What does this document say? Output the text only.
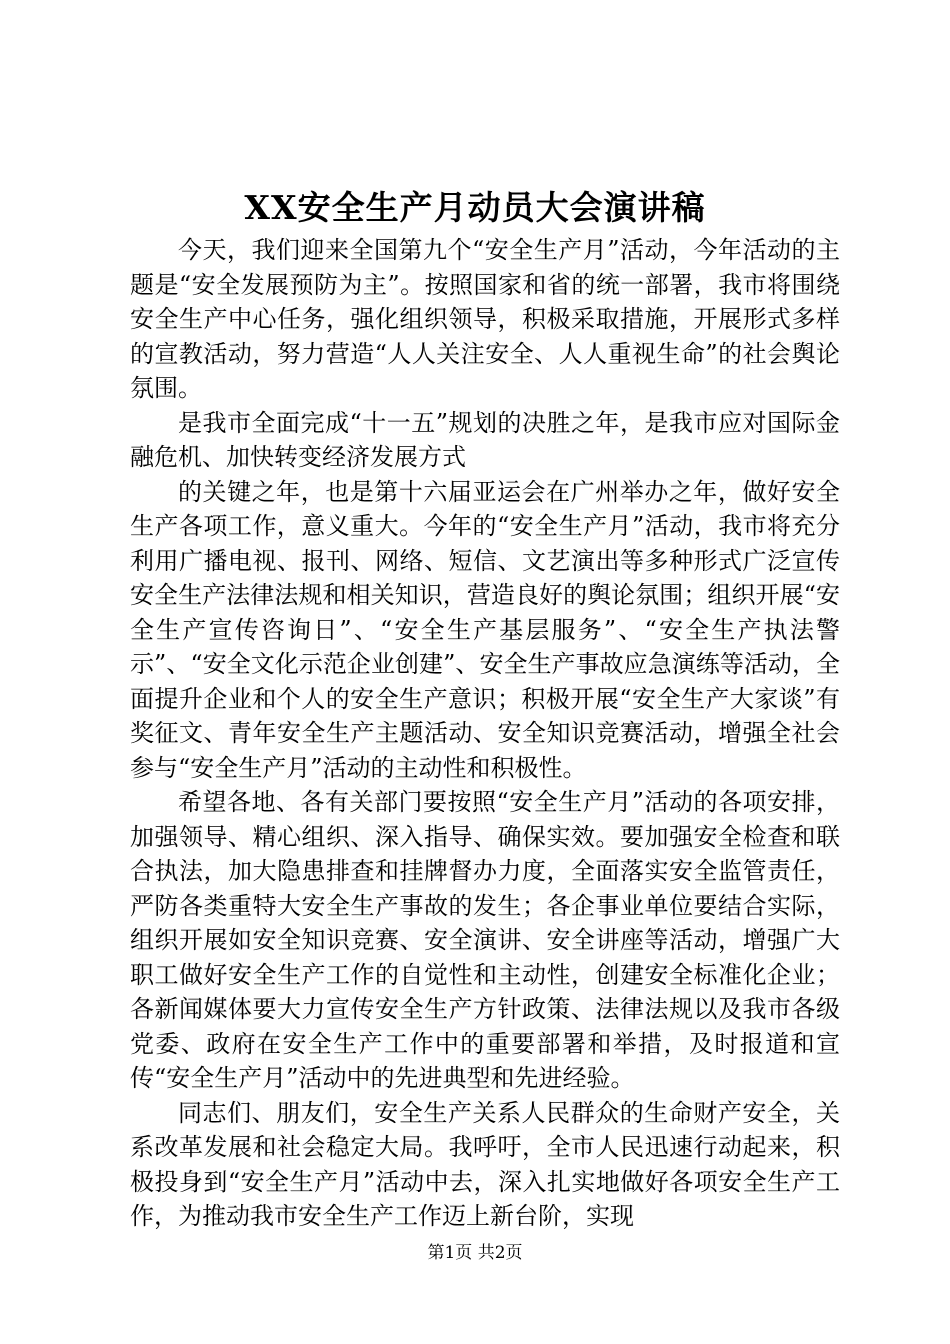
XX安全生产月动员大会演讲稿

今天，我们迎来全国第九个“安全生产月”活动，今年活动的主题是“安全发展预防为主”。按照国家和省的统一部署，我市将围绕安全生产中心任务，强化组织领导，积极采取措施，开展形式多样的宣教活动，努力营造“人人关注安全、人人重视生命”的社会舆论氛围。

是我市全面完成“十一五”规划的决胜之年，是我市应对国际金融危机、加快转变经济发展方式

的关键之年，也是第十六届亚运会在广州举办之年，做好安全生产各项工作，意义重大。今年的“安全生产月”活动，我市将充分利用广播电视、报刊、网络、短信、文艺演出等多种形式广泛宣传安全生产法律法规和相关知识，营造良好的舆论氛围；组织开展“安全生产宣传咨询日”、“安全生产基层服务”、“安全生产执法警示”、“安全文化示范企业创建”、安全生产事故应急演练等活动，全面提升企业和个人的安全生产意识；积极开展“安全生产大家谈”有奖征文、青年安全生产主题活动、安全知识竞赛活动，增强全社会参与“安全生产月”活动的主动性和积极性。

希望各地、各有关部门要按照“安全生产月”活动的各项安排，加强领导、精心组织、深入指导、确保实效。要加强安全检查和联合执法，加大隐患排查和挂牌督办力度，全面落实安全监管责任，严防各类重特大安全生产事故的发生；各企事业单位要结合实际，组织开展如安全知识竞赛、安全演讲、安全讲座等活动，增强广大职工做好安全生产工作的自觉性和主动性，创建安全标准化企业；各新闻媒体要大力宣传安全生产方针政策、法律法规以及我市各级党委、政府在安全生产工作中的重要部署和举措，及时报道和宣传“安全生产月”活动中的先进典型和先进经验。

同志们、朋友们，安全生产关系人民群众的生命财产安全，关系改革发展和社会稳定大局。我呼吁，全市人民迅速行动起来，积极投身到“安全生产月”活动中去，深入扎实地做好各项安全生产工作，为推动我市安全生产工作迈上新台阶，实现

第1页 共2页
